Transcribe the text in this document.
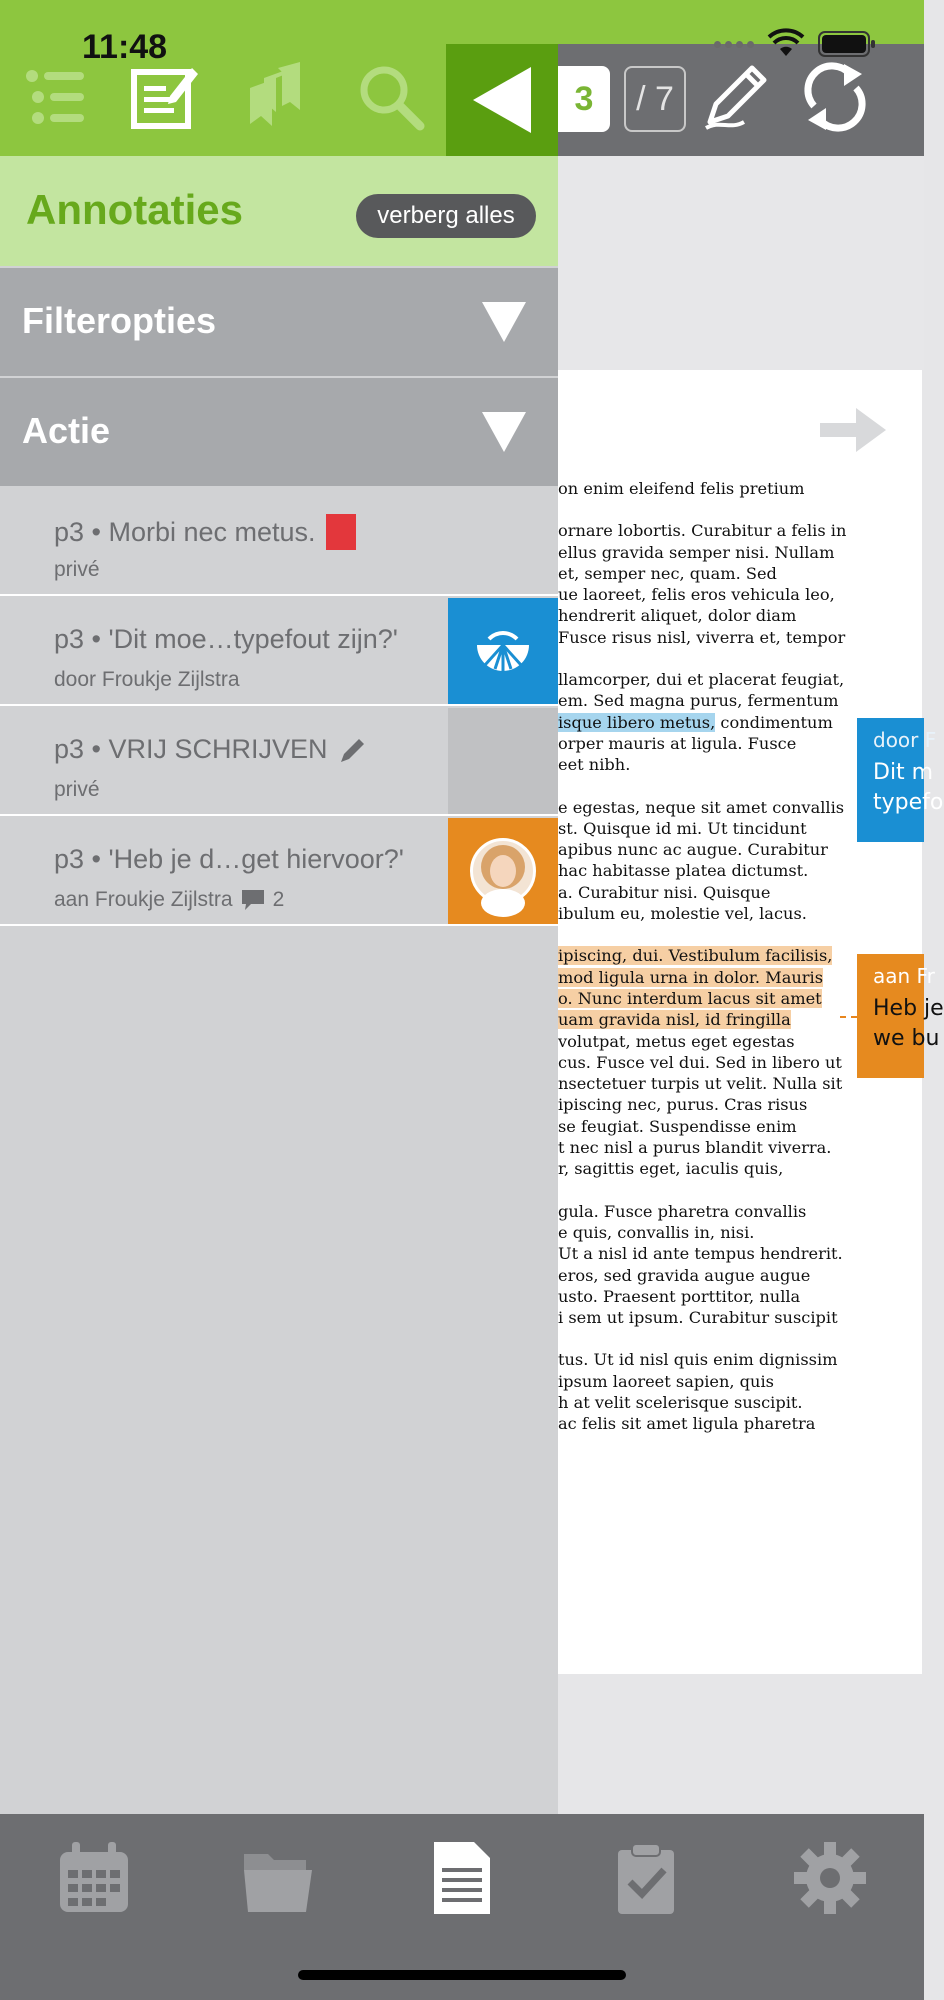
11:48
3	/ 7
on enim eleifend felis pretium
ornare lobortis. Curabitur a felis in
ellus gravida semper nisi. Nullam
et, semper nec, quam. Sed
ue laoreet, felis eros vehicula leo,
hendrerit aliquet, dolor diam
Fusce risus nisl, viverra et, tempor
llamcorper, dui et placerat feugiat,
em. Sed magna purus, fermentum
isque libero metus, condimentum
orper mauris at ligula. Fusce
eet nibh.
e egestas, neque sit amet convallis
st. Quisque id mi. Ut tincidunt
apibus nunc ac augue. Curabitur
hac habitasse platea dictumst.
a. Curabitur nisi. Quisque
ibulum eu, molestie vel, lacus.
ipiscing, dui. Vestibulum facilisis,
mod ligula urna in dolor. Mauris
o. Nunc interdum lacus sit amet
uam gravida nisl, id fringilla
volutpat, metus eget egestas
cus. Fusce vel dui. Sed in libero ut
nsectetuer turpis ut velit. Nulla sit
ipiscing nec, purus. Cras risus
se feugiat. Suspendisse enim
t nec nisl a purus blandit viverra.
r, sagittis eget, iaculis quis,
gula. Fusce pharetra convallis
e quis, convallis in, nisi.
Ut a nisl id ante tempus hendrerit.
eros, sed gravida augue augue
usto. Praesent porttitor, nulla
i sem ut ipsum. Curabitur suscipit
tus. Ut id nisl quis enim dignissim
ipsum laoreet sapien, quis
h at velit scelerisque suscipit.
ac felis sit amet ligula pharetra
door F
Dit m
typefo
aan Fr
Heb je
we bu
Annotaties	verberg alles
Filteropties
Actie
p3 • Morbi nec metus.
privé
p3 • 'Dit moe…typefout zijn?'
door Froukje Zijlstra
p3 • VRIJ SCHRIJVEN
privé
p3 • 'Heb je d…get hiervoor?'
aan Froukje Zijlstra 2
